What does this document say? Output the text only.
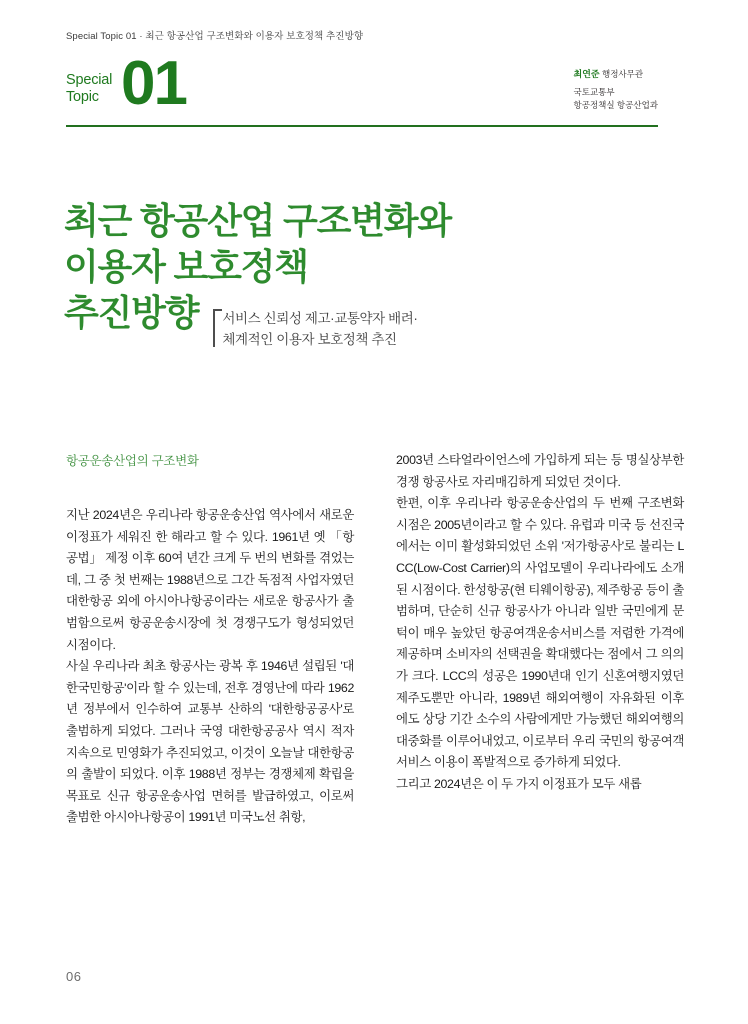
Special Topic 01 · 최근 항공산업 구조변화와 이용자 보호정책 추진방향
Special
Topic 01	최연준 행정사무관
국토교통부
항공정책실 항공산업과
최근 항공산업 구조변화와
이용자 보호정책
추진방향 서비스 신뢰성 제고·교통약자 배려·
체계적인 이용자 보호정책 추진
항공운송산업의 구조변화

지난 2024년은 우리나라 항공운송산업 역사에서 새로운 이정표가 세워진 한 해라고 할 수 있다. 1961년 옛 「항공법」 제정 이후 60여 년간 크게 두 번의 변화를 겪었는데, 그 중 첫 번째는 1988년으로 그간 독점적 사업자였던 대한항공 외에 아시아나항공이라는 새로운 항공사가 출범함으로써 항공운송시장에 첫 경쟁구도가 형성되었던 시점이다.

사실 우리나라 최초 항공사는 광복 후 1946년 설립된 '대한국민항공'이라 할 수 있는데, 전후 경영난에 따라 1962년 정부에서 인수하여 교통부 산하의 '대한항공공사'로 출범하게 되었다. 그러나 국영 대한항공공사 역시 적자 지속으로 민영화가 추진되었고, 이것이 오늘날 대한항공의 출발이 되었다. 이후 1988년 정부는 경쟁체제 확립을 목표로 신규 항공운송사업 면허를 발급하였고, 이로써 출범한 아시아나항공이 1991년 미국노선 취항,

2003년 스타얼라이언스에 가입하게 되는 등 명실상부한 경쟁 항공사로 자리매김하게 되었던 것이다.

한편, 이후 우리나라 항공운송산업의 두 번째 구조변화 시점은 2005년이라고 할 수 있다. 유럽과 미국 등 선진국에서는 이미 활성화되었던 소위 '저가항공사'로 불리는 LCC(Low-Cost Carrier)의 사업모델이 우리나라에도 소개된 시점이다. 한성항공(현 티웨이항공), 제주항공 등이 출범하며, 단순히 신규 항공사가 아니라 일반 국민에게 문턱이 매우 높았던 항공여객운송서비스를 저렴한 가격에 제공하며 소비자의 선택권을 확대했다는 점에서 그 의의가 크다. LCC의 성공은 1990년대 인기 신혼여행지였던 제주도뿐만 아니라, 1989년 해외여행이 자유화된 이후에도 상당 기간 소수의 사람에게만 가능했던 해외여행의 대중화를 이루어내었고, 이로부터 우리 국민의 항공여객서비스 이용이 폭발적으로 증가하게 되었다.

그리고 2024년은 이 두 가지 이정표가 모두 새롭

06
